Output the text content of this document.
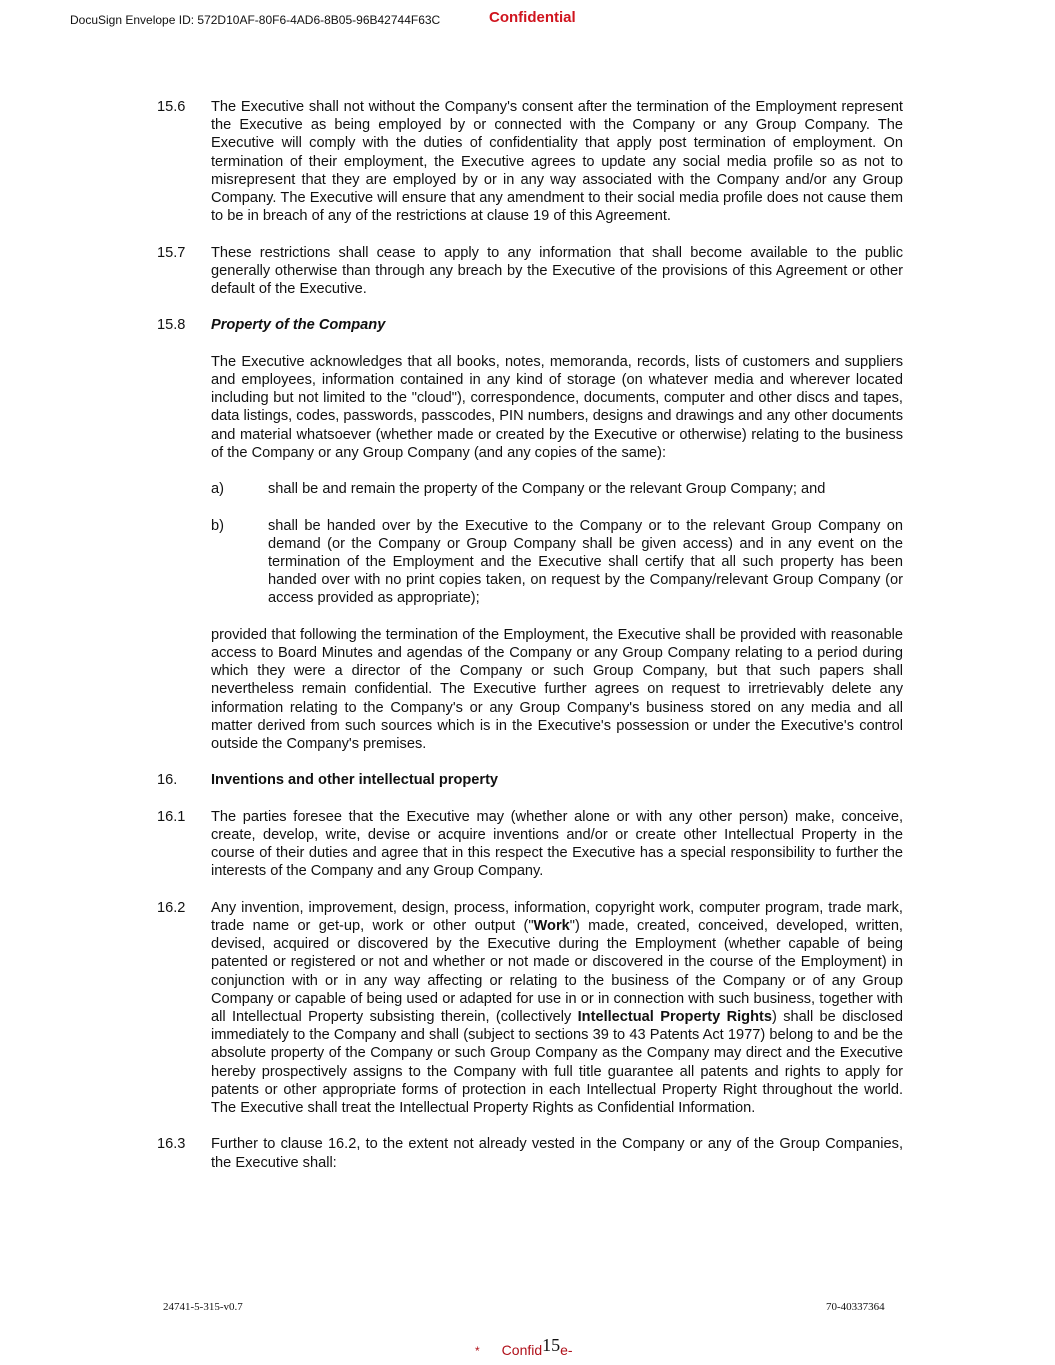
DocuSign Envelope ID: 572D10AF-80F6-4AD6-8B05-96B42744F63C	Confidential
15.6	The Executive shall not without the Company's consent after the termination of the Employment represent the Executive as being employed by or connected with the Company or any Group Company. The Executive will comply with the duties of confidentiality that apply post termination of employment. On termination of their employment, the Executive agrees to update any social media profile so as not to misrepresent that they are employed by or in any way associated with the Company and/or any Group Company. The Executive will ensure that any amendment to their social media profile does not cause them to be in breach of any of the restrictions at clause 19 of this Agreement.
15.7	These restrictions shall cease to apply to any information that shall become available to the public generally otherwise than through any breach by the Executive of the provisions of this Agreement or other default of the Executive.
15.8	Property of the Company
The Executive acknowledges that all books, notes, memoranda, records, lists of customers and suppliers and employees, information contained in any kind of storage (on whatever media and wherever located including but not limited to the "cloud"), correspondence, documents, computer and other discs and tapes, data listings, codes, passwords, passcodes, PIN numbers, designs and drawings and any other documents and material whatsoever (whether made or created by the Executive or otherwise) relating to the business of the Company or any Group Company (and any copies of the same):
a)	shall be and remain the property of the Company or the relevant Group Company; and
b)	shall be handed over by the Executive to the Company or to the relevant Group Company on demand (or the Company or Group Company shall be given access) and in any event on the termination of the Employment and the Executive shall certify that all such property has been handed over with no print copies taken, on request by the Company/relevant Group Company (or access provided as appropriate);
provided that following the termination of the Employment, the Executive shall be provided with reasonable access to Board Minutes and agendas of the Company or any Group Company relating to a period during which they were a director of the Company or such Group Company, but that such papers shall nevertheless remain confidential. The Executive further agrees on request to irretrievably delete any information relating to the Company's or any Group Company's business stored on any media and all matter derived from such sources which is in the Executive's possession or under the Executive's control outside the Company's premises.
16.	Inventions and other intellectual property
16.1	The parties foresee that the Executive may (whether alone or with any other person) make, conceive, create, develop, write, devise or acquire inventions and/or or create other Intellectual Property in the course of their duties and agree that in this respect the Executive has a special responsibility to further the interests of the Company and any Group Company.
16.2	Any invention, improvement, design, process, information, copyright work, computer program, trade mark, trade name or get-up, work or other output ("Work") made, created, conceived, developed, written, devised, acquired or discovered by the Executive during the Employment (whether capable of being patented or registered or not and whether or not made or discovered in the course of the Employment) in conjunction with or in any way affecting or relating to the business of the Company or of any Group Company or capable of being used or adapted for use in or in connection with such business, together with all Intellectual Property subsisting therein, (collectively Intellectual Property Rights) shall be disclosed immediately to the Company and shall (subject to sections 39 to 43 Patents Act 1977) belong to and be the absolute property of the Company or such Group Company as the Company may direct and the Executive hereby prospectively assigns to the Company with full title guarantee all patents and rights to apply for patents or other appropriate forms of protection in each Intellectual Property Right throughout the world. The Executive shall treat the Intellectual Property Rights as Confidential Information.
16.3	Further to clause 16.2, to the extent not already vested in the Company or any of the Group Companies, the Executive shall:
24741-5-315-v0.7	70-40337364
* Confid15e-
